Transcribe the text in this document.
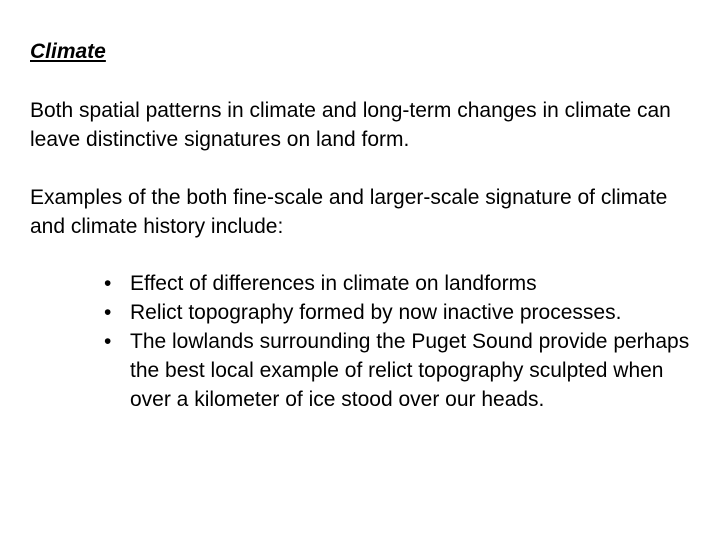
Climate

Both spatial patterns in climate and long-term changes in climate can leave distinctive signatures on land form.

Examples of the both fine-scale and larger-scale signature of climate and climate history include:

• Effect of differences in climate on landforms
• Relict topography formed by now inactive processes.
• The lowlands surrounding the Puget Sound provide perhaps the best local example of relict topography sculpted when over a kilometer of ice stood over our heads.
